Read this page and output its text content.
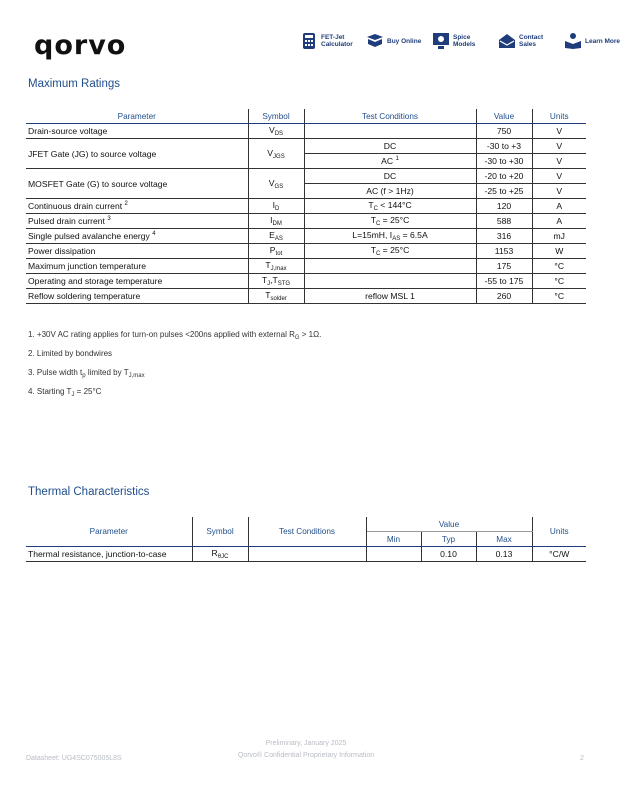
qorvo	FET-Jet Calculator	Buy Online	Spice Models
Contact Sales	Learn More
Maximum Ratings
Parameter	Symbol	Test Conditions	Value	Units
Drain-source voltage	$V_{DS}$		750	V
JFET Gate (JG) to source voltage	$V_{JGS}$	DC	-30 to +3	V
		AC $^1$	-30 to +30	V
MOSFET Gate (G) to source voltage	$V_{GS}$	DC	-20 to +20	V
		AC (f > 1Hz)	-25 to +25	V
Continuous drain current $^2$	$I_D$	$T_C < 144^\circ C$	120	A
Pulsed drain current $^3$	$I_{DM}$	$T_C = 25^\circ C$	588	A
Single pulsed avalanche energy $^4$	$E_{AS}$	L=15mH, $I_{AS} = 6.5A$	316	mJ
Power dissipation	$P_{tot}$	$T_C = 25^\circ C$	1153	W
Maximum junction temperature	$T_{J,max}$		175	°C
Operating and storage temperature	$T_J,T_{STG}$		-55 to 175	°C
Reflow soldering temperature	$T_{solder}$	reflow MSL 1	260	°C
1. +30V AC rating applies for turn-on pulses <200ns applied with external $R_G > 1\Omega$.
2. Limited by bondwires
3. Pulse width $t_p$ limited by $T_{J,max}$
4. Starting $T_J = 25^\circ C$
Thermal Characteristics
Parameter	Symbol	Test Conditions	Value			Units
			Min	Typ	Max	
Thermal resistance, junction-to-case	$R_{\theta JC}$			0.10	0.13	°C/W
Datasheet: UG4SC075005L8S
Preliminary, January 2025
Qorvo® Confidential Proprietary Information	2
